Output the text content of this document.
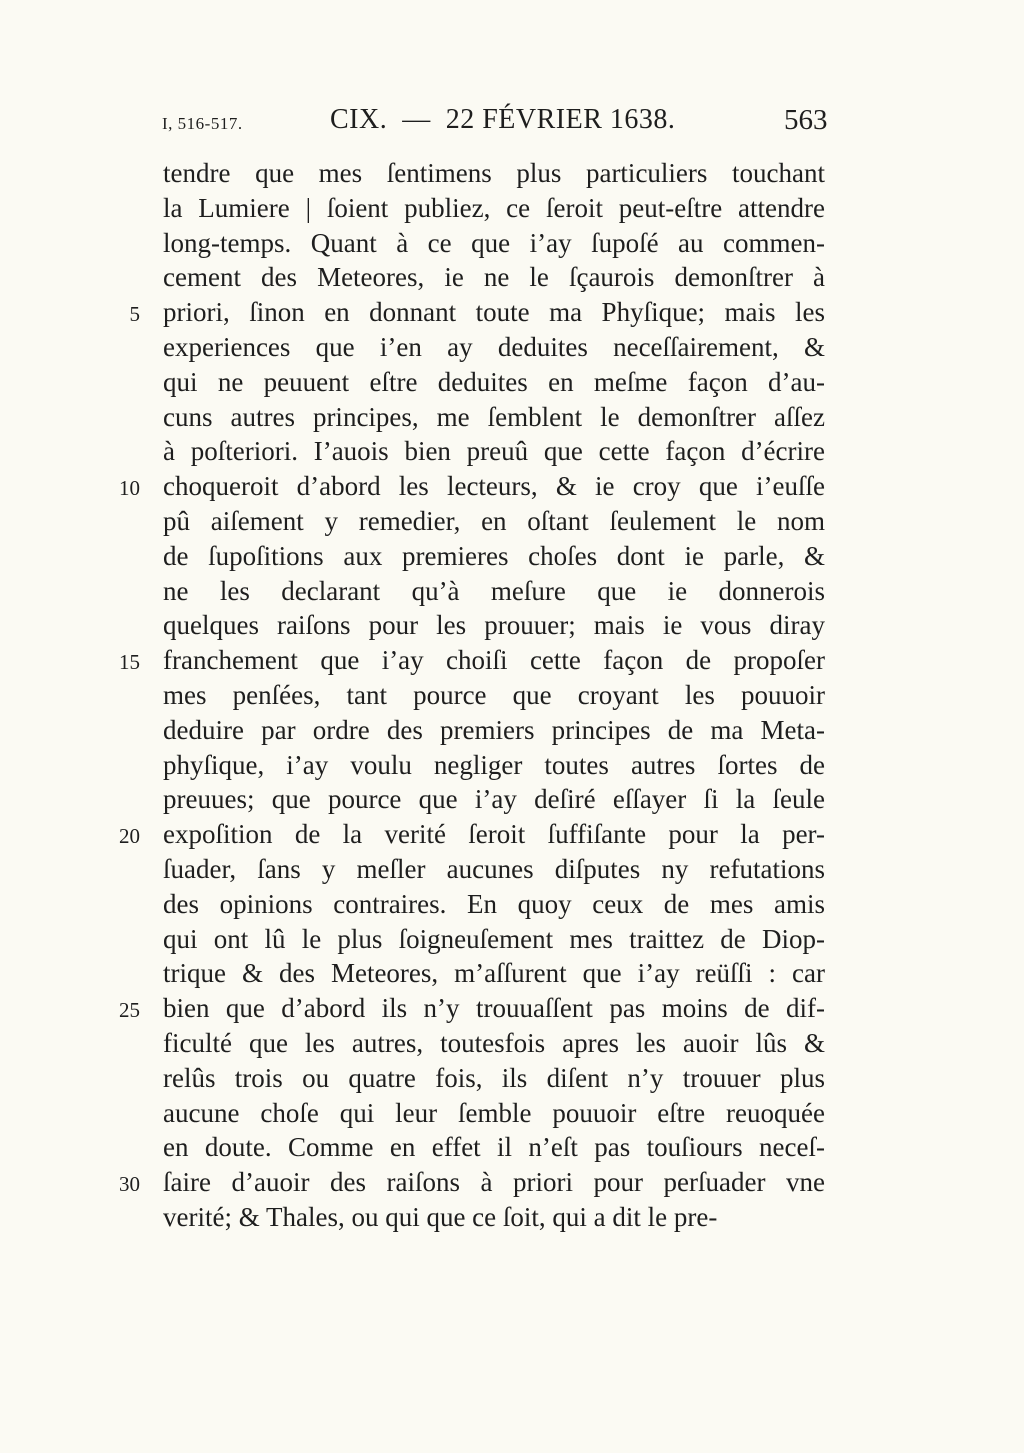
I, 516-517.	CIX.  —  22 FÉVRIER 1638.	563
tendre que mes ſentimens plus particuliers touchant
la Lumiere | ſoient publiez, ce ſeroit peut-eſtre attendre
long-temps. Quant à ce que i’ay ſupoſé au commen-
cement des Meteores, ie ne le ſçaurois demonſtrer à
priori, ſinon en donnant toute ma Phyſique; mais les
5
experiences que i’en ay deduites neceſſairement, &
qui ne peuuent eſtre deduites en meſme façon d’au-
cuns autres principes, me ſemblent le demonſtrer aſſez
à poſteriori. I’auois bien preuû que cette façon d’écrire
choqueroit d’abord les lecteurs, & ie croy que i’euſſe
10
pû aiſement y remedier, en oſtant ſeulement le nom
de ſupoſitions aux premieres choſes dont ie parle, &
ne les declarant qu’à meſure que ie donnerois
quelques raiſons pour les prouuer; mais ie vous diray
franchement que i’ay choiſi cette façon de propoſer
15
mes penſées, tant pource que croyant les pouuoir
deduire par ordre des premiers principes de ma Meta-
phyſique, i’ay voulu negliger toutes autres ſortes de
preuues; que pource que i’ay deſiré eſſayer ſi la ſeule
expoſition de la verité ſeroit ſuffiſante pour la per-
20
ſuader, ſans y meſler aucunes diſputes ny refutations
des opinions contraires. En quoy ceux de mes amis
qui ont lû le plus ſoigneuſement mes traittez de Diop-
trique & des Meteores, m’aſſurent que i’ay reüſſi : car
bien que d’abord ils n’y trouuaſſent pas moins de dif-
25
ficulté que les autres, toutesfois apres les auoir lûs &
relûs trois ou quatre fois, ils diſent n’y trouuer plus
aucune choſe qui leur ſemble pouuoir eſtre reuoquée
en doute. Comme en effet il n’eſt pas touſiours neceſ-
ſaire d’auoir des raiſons à priori pour perſuader vne
30
verité; & Thales, ou qui que ce ſoit, qui a dit le pre-
